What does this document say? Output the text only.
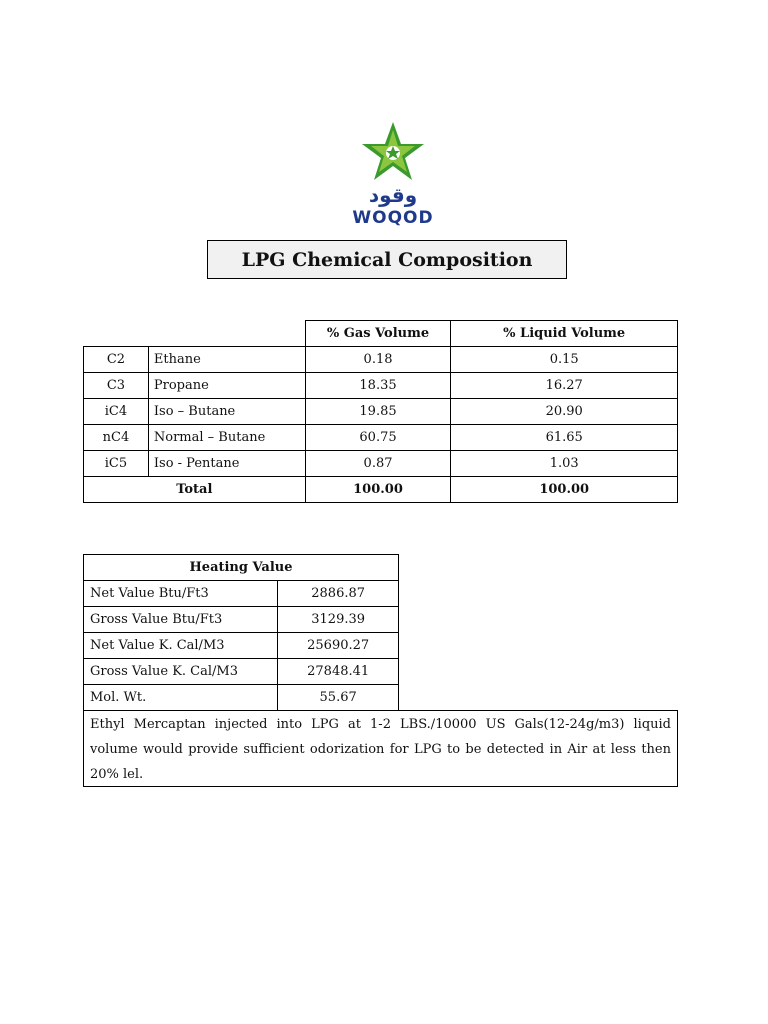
وقود
WOQOD
LPG Chemical Composition
		% Gas Volume	% Liquid Volume
C2	Ethane	0.18	0.15
C3	Propane	18.35	16.27
iC4	Iso – Butane	19.85	20.90
nC4	Normal – Butane	60.75	61.65
iC5	Iso - Pentane	0.87	1.03
Total		100.00	100.00
Heating Value	
Net Value Btu/Ft3	2886.87
Gross Value Btu/Ft3	3129.39
Net Value K. Cal/M3	25690.27
Gross Value K. Cal/M3	27848.41
Mol. Wt.	55.67
Ethyl Mercaptan injected into LPG at 1-2 LBS./10000 US Gals(12-24g/m3) liquid volume would provide sufficient odorization for LPG to be detected in Air at less then 20% lel.
